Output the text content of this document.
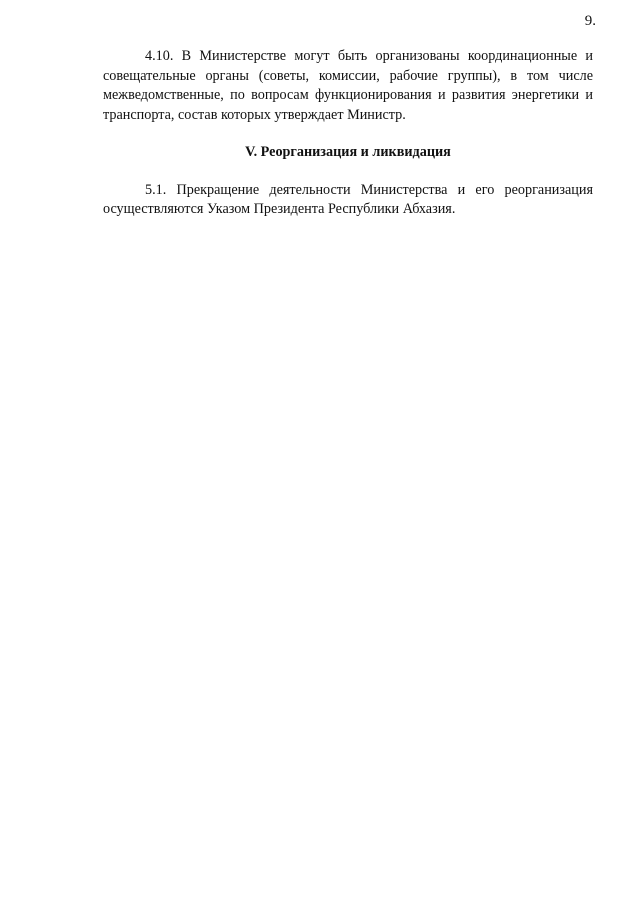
9.

4.10. В Министерстве могут быть организованы координационные и совещательные органы (советы, комиссии, рабочие группы), в том числе межведомственные, по вопросам функционирования и развития энергетики и транспорта, состав которых утверждает Министр.

V. Реорганизация и ликвидация

5.1. Прекращение деятельности Министерства и его реорганизация осуществляются Указом Президента Республики Абхазия.
